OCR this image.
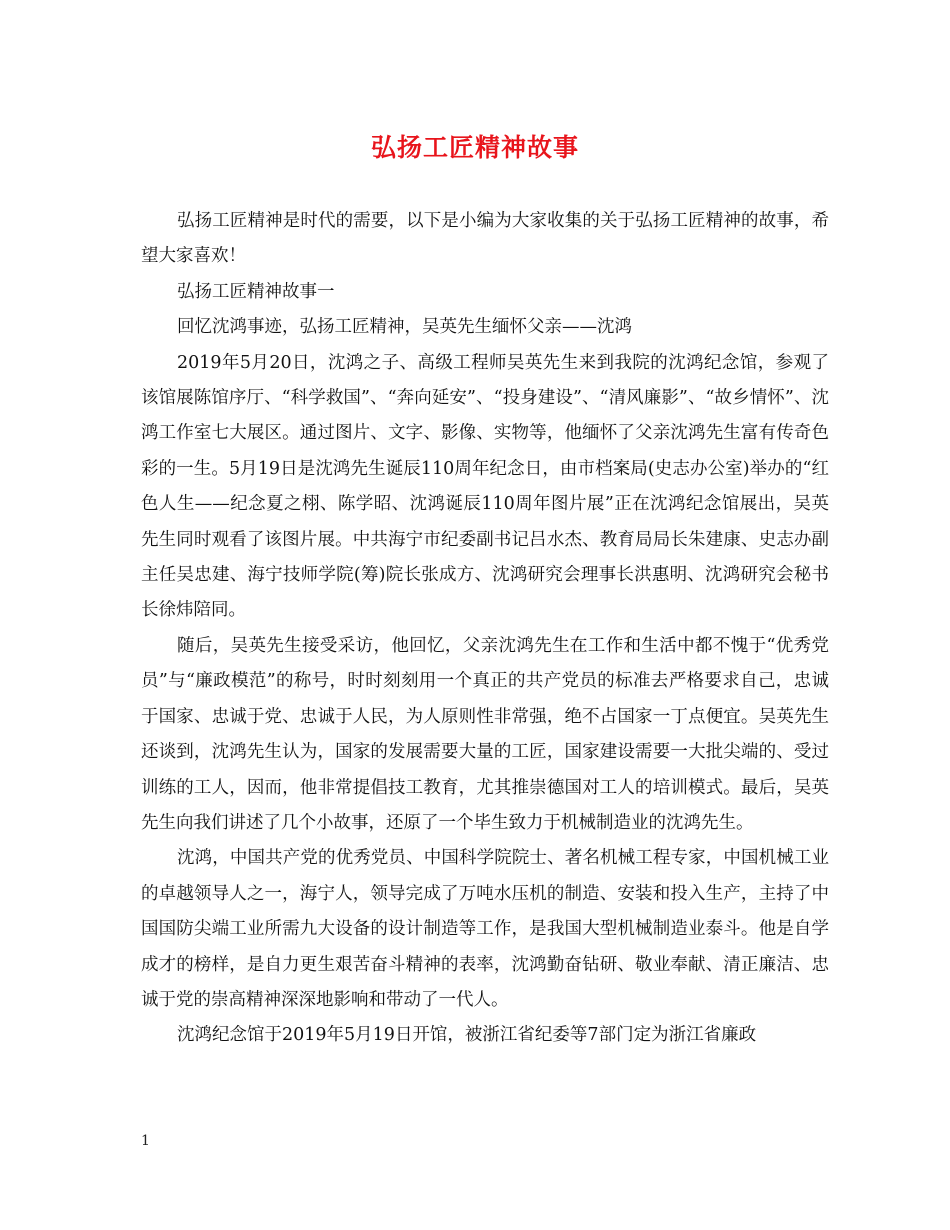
弘扬工匠精神故事

弘扬工匠精神是时代的需要，以下是小编为大家收集的关于弘扬工匠精神的故事，希望大家喜欢！

弘扬工匠精神故事一

回忆沈鸿事迹，弘扬工匠精神，吴英先生缅怀父亲——沈鸿

2019年5月20日，沈鸿之子、高级工程师吴英先生来到我院的沈鸿纪念馆，参观了该馆展陈馆序厅、“科学救国”、“奔向延安”、“投身建设”、“清风廉影”、“故乡情怀”、沈鸿工作室七大展区。通过图片、文字、影像、实物等，他缅怀了父亲沈鸿先生富有传奇色彩的一生。5月19日是沈鸿先生诞辰110周年纪念日，由市档案局(史志办公室)举办的“红色人生——纪念夏之栩、陈学昭、沈鸿诞辰110周年图片展”正在沈鸿纪念馆展出，吴英先生同时观看了该图片展。中共海宁市纪委副书记吕水杰、教育局局长朱建康、史志办副主任吴忠建、海宁技师学院(筹)院长张成方、沈鸿研究会理事长洪惠明、沈鸿研究会秘书长徐炜陪同。

随后，吴英先生接受采访，他回忆，父亲沈鸿先生在工作和生活中都不愧于“优秀党员”与“廉政模范”的称号，时时刻刻用一个真正的共产党员的标准去严格要求自己，忠诚于国家、忠诚于党、忠诚于人民，为人原则性非常强，绝不占国家一丁点便宜。吴英先生还谈到，沈鸿先生认为，国家的发展需要大量的工匠，国家建设需要一大批尖端的、受过训练的工人，因而，他非常提倡技工教育，尤其推崇德国对工人的培训模式。最后，吴英先生向我们讲述了几个小故事，还原了一个毕生致力于机械制造业的沈鸿先生。

沈鸿，中国共产党的优秀党员、中国科学院院士、著名机械工程专家，中国机械工业的卓越领导人之一，海宁人，领导完成了万吨水压机的制造、安装和投入生产，主持了中国国防尖端工业所需九大设备的设计制造等工作，是我国大型机械制造业泰斗。他是自学成才的榜样，是自力更生艰苦奋斗精神的表率，沈鸿勤奋钻研、敬业奉献、清正廉洁、忠诚于党的崇高精神深深地影响和带动了一代人。

沈鸿纪念馆于2019年5月19日开馆，被浙江省纪委等7部门定为浙江省廉政

1
